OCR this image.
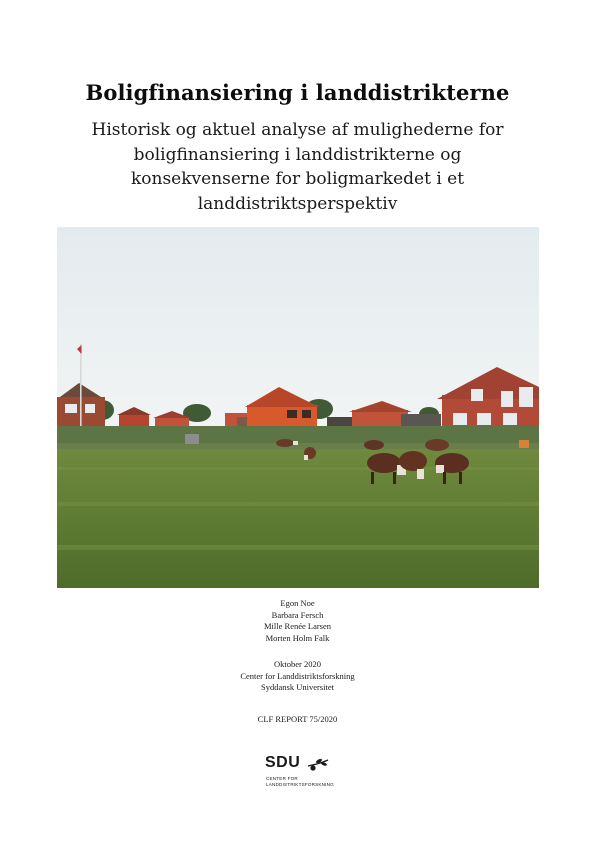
Boligfinansiering i landdistrikterne
Historisk og aktuel analyse af mulighederne for
boligfinansiering i landdistrikterne og
konsekvenserne for boligmarkedet i et
landdistriktsperspektiv
Egon Noe
Barbara Fersch
Mille Renée Larsen
Morten Holm Falk
Oktober 2020
Center for Landdistriktsforskning
Syddansk Universitet
CLF REPORT 75/2020
SDU
CENTER FOR
LANDDISTRIKTSFORSKNING
